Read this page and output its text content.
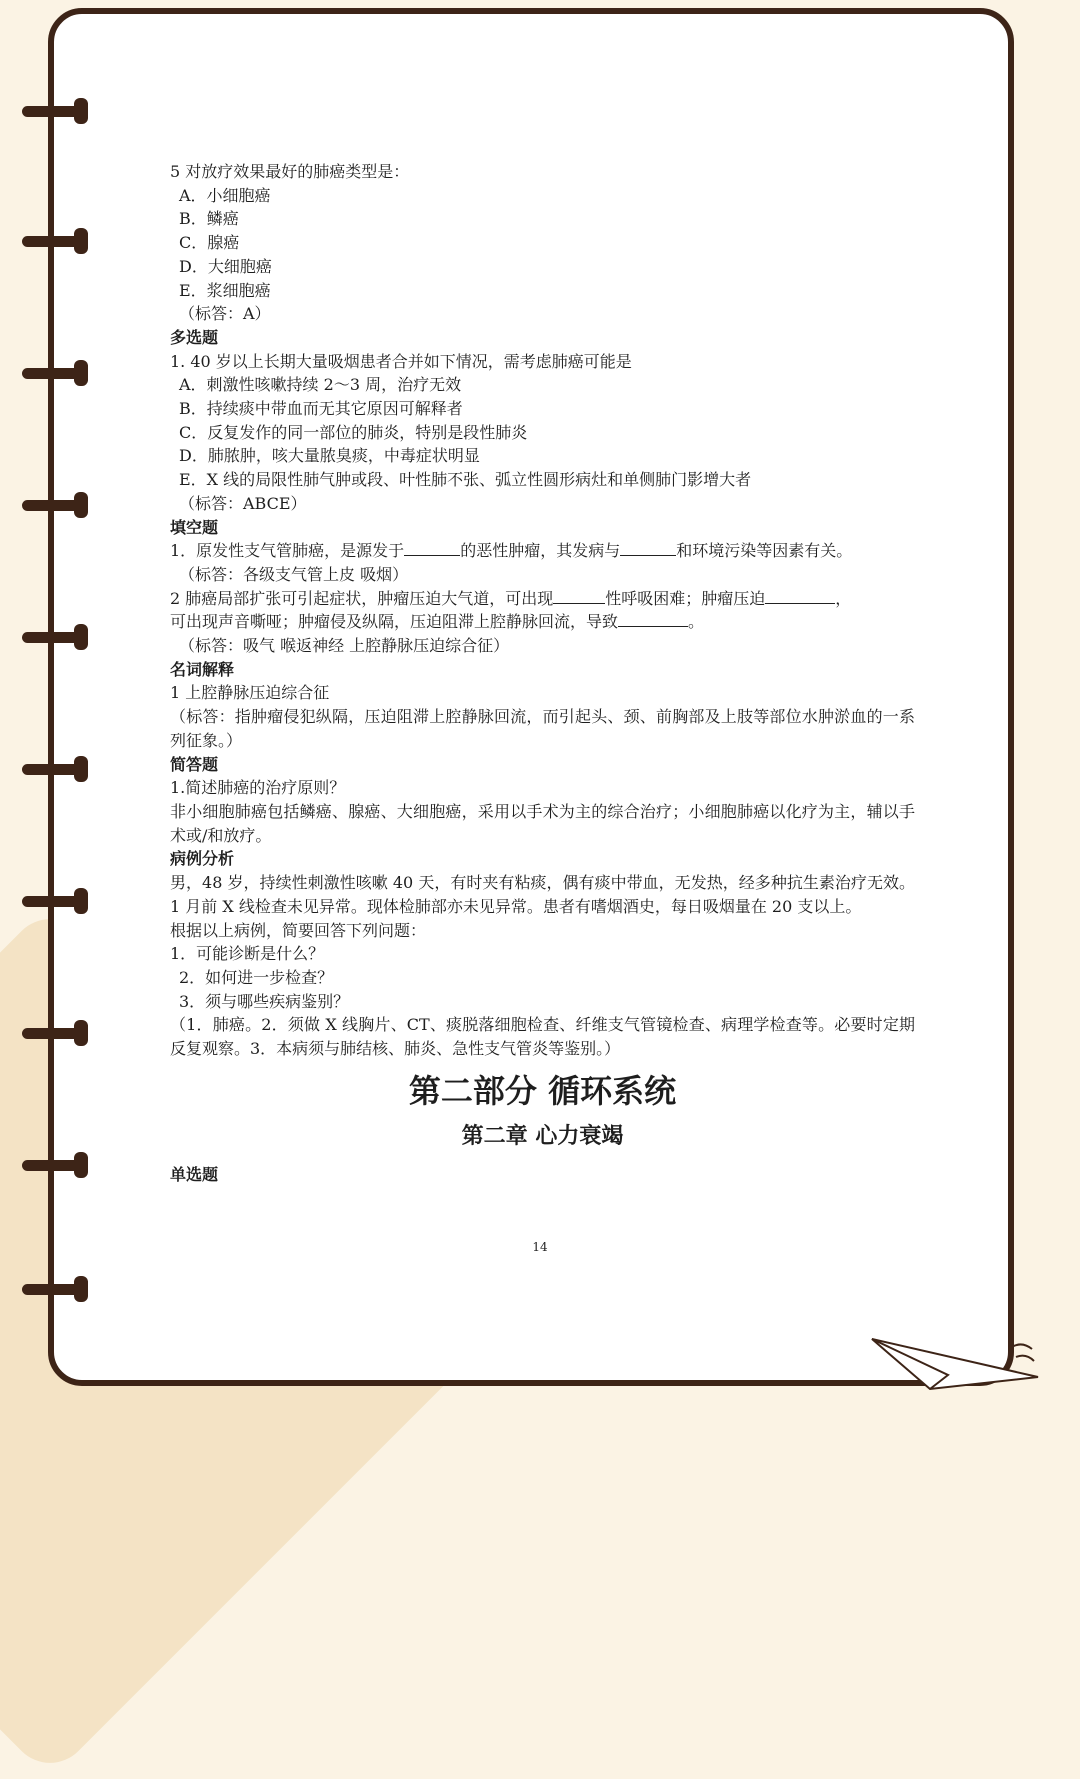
5 对放疗效果最好的肺癌类型是：
A．小细胞癌
B．鳞癌
C．腺癌
D．大细胞癌
E．浆细胞癌
（标答：A）
多选题
1. 40 岁以上长期大量吸烟患者合并如下情况，需考虑肺癌可能是
A．刺激性咳嗽持续 2～3 周，治疗无效
B．持续痰中带血而无其它原因可解释者
C．反复发作的同一部位的肺炎，特别是段性肺炎
D．肺脓肿，咳大量脓臭痰，中毒症状明显
E．X 线的局限性肺气肿或段、叶性肺不张、弧立性圆形病灶和单侧肺门影增大者
（标答：ABCE）
填空题
1．原发性支气管肺癌，是源发于	的恶性肿瘤，其发病与	和环境污染等因素有关。
（标答：各级支气管上皮 吸烟）
2 肺癌局部扩张可引起症状，肿瘤压迫大气道，可出现	性呼吸困难；肿瘤压迫	，
可出现声音嘶哑；肿瘤侵及纵隔，压迫阻滞上腔静脉回流，导致	。
（标答：吸气 喉返神经 上腔静脉压迫综合征）
名词解释
1 上腔静脉压迫综合征
（标答：指肿瘤侵犯纵隔，压迫阻滞上腔静脉回流，而引起头、颈、前胸部及上肢等部位水肿淤血的一系列征象。）
简答题
1.简述肺癌的治疗原则？
非小细胞肺癌包括鳞癌、腺癌、大细胞癌，采用以手术为主的综合治疗；小细胞肺癌以化疗为主，辅以手术或/和放疗。
病例分析
男，48 岁，持续性刺激性咳嗽 40 天，有时夹有粘痰，偶有痰中带血，无发热，经多种抗生素治疗无效。1 月前 X 线检查未见异常。现体检肺部亦未见异常。患者有嗜烟酒史，每日吸烟量在 20 支以上。
根据以上病例，简要回答下列问题：
1．可能诊断是什么？
2．如何进一步检查？
3．须与哪些疾病鉴别？
（1．肺癌。2．须做 X 线胸片、CT、痰脱落细胞检查、纤维支气管镜检查、病理学检查等。必要时定期反复观察。3．本病须与肺结核、肺炎、急性支气管炎等鉴别。）
第二部分 循环系统
第二章 心力衰竭
单选题
14
